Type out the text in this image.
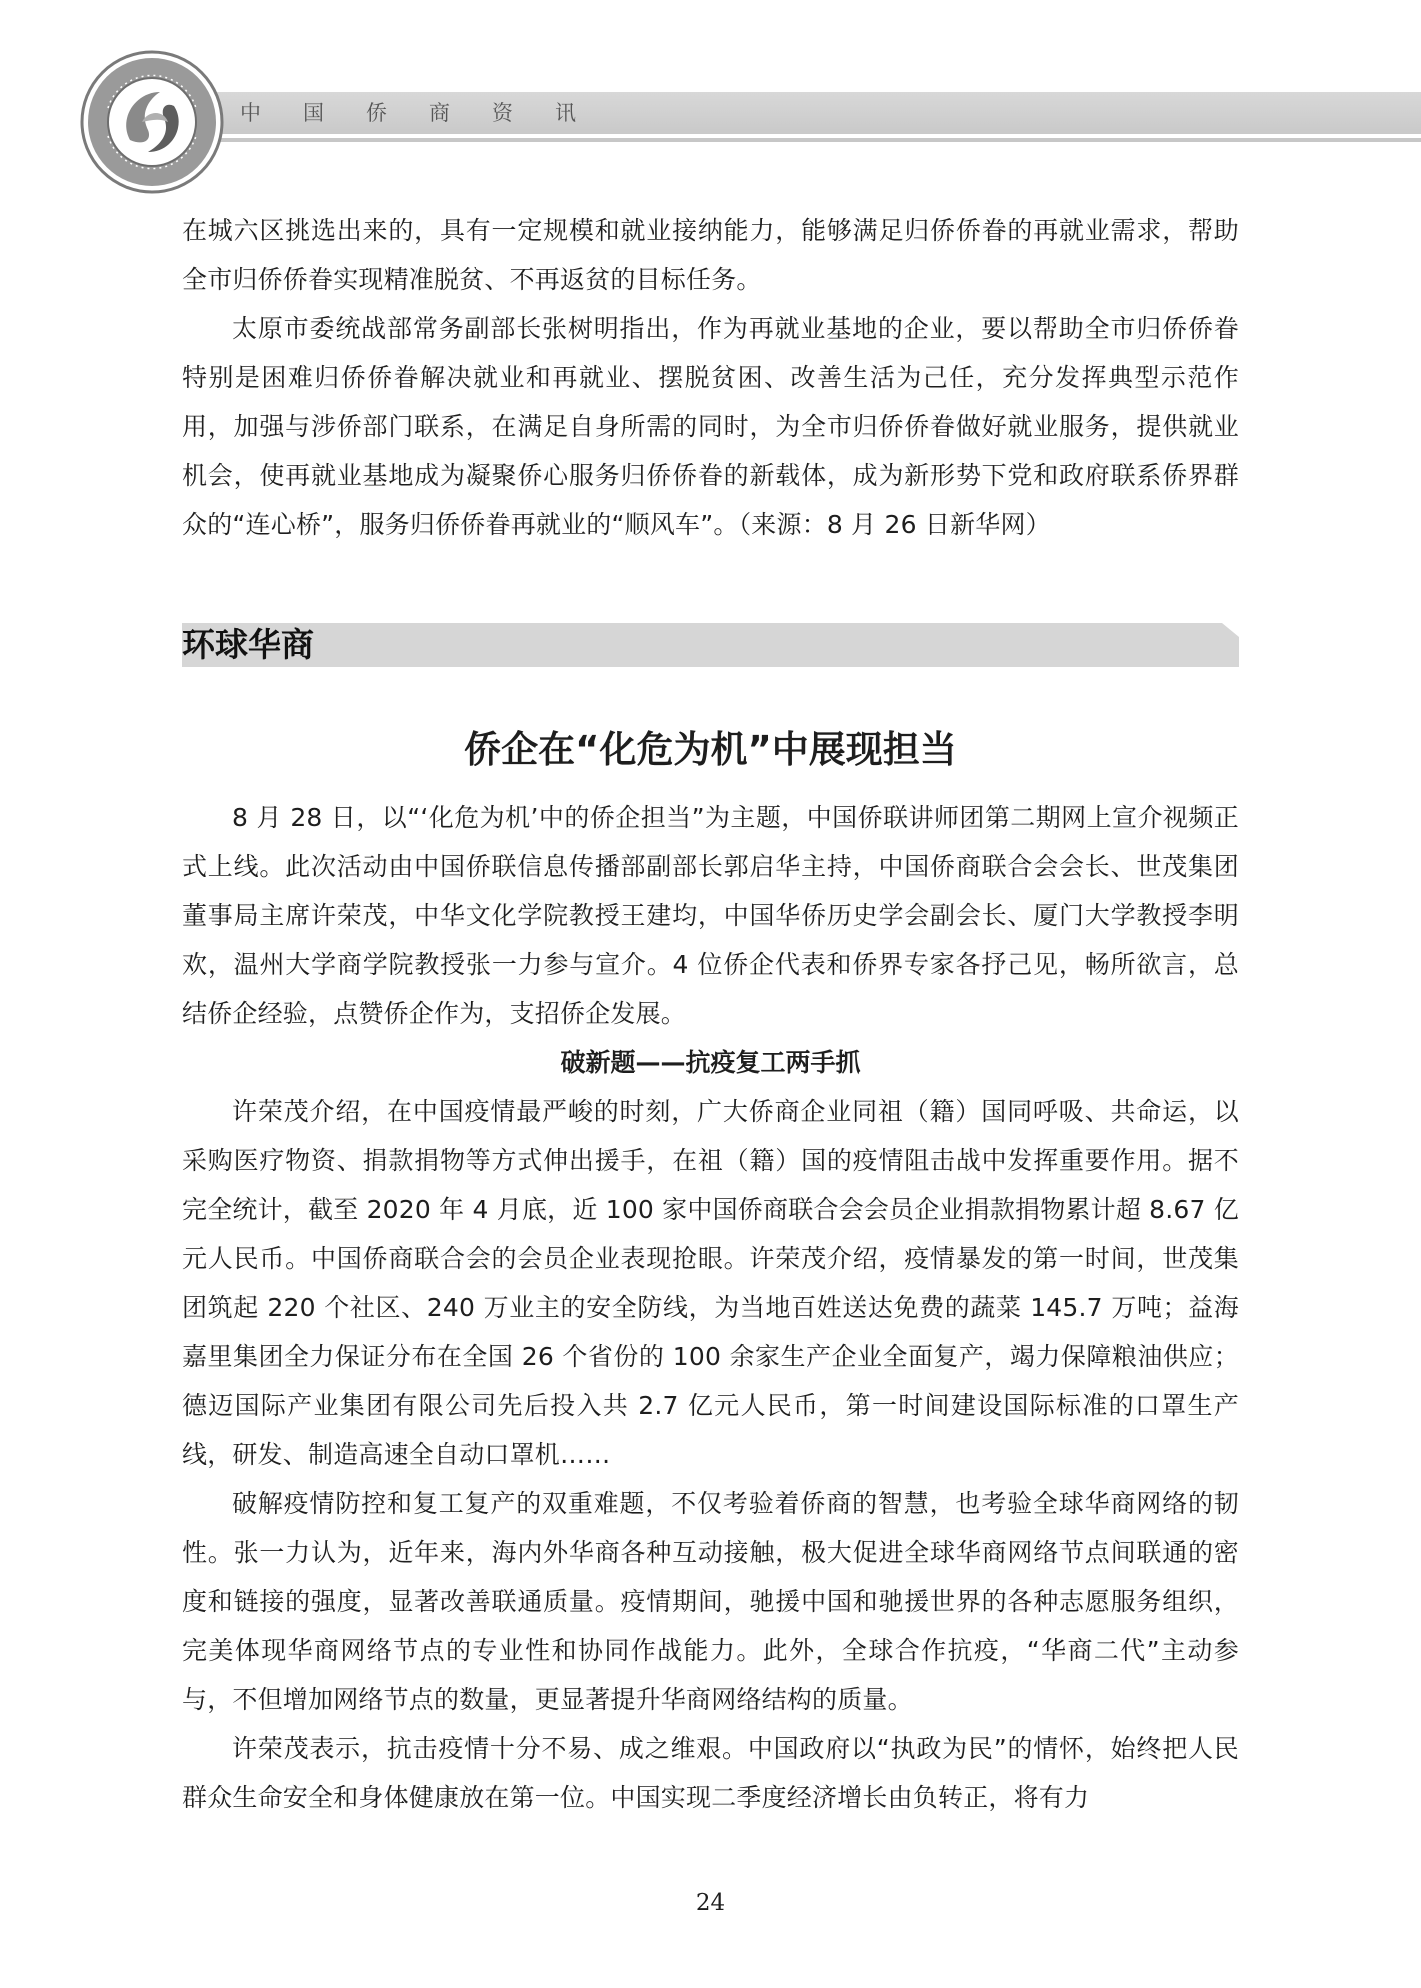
中国侨商资讯

在城六区挑选出来的，具有一定规模和就业接纳能力，能够满足归侨侨眷的再就业需求，帮助全市归侨侨眷实现精准脱贫、不再返贫的目标任务。

太原市委统战部常务副部长张树明指出，作为再就业基地的企业，要以帮助全市归侨侨眷特别是困难归侨侨眷解决就业和再就业、摆脱贫困、改善生活为己任，充分发挥典型示范作用，加强与涉侨部门联系，在满足自身所需的同时，为全市归侨侨眷做好就业服务，提供就业机会，使再就业基地成为凝聚侨心服务归侨侨眷的新载体，成为新形势下党和政府联系侨界群众的“连心桥”，服务归侨侨眷再就业的“顺风车”。（来源：8 月 26 日新华网）

环球华商
侨企在“化危为机”中展现担当

8 月 28 日，以“‘化危为机’中的侨企担当”为主题，中国侨联讲师团第二期网上宣介视频正式上线。此次活动由中国侨联信息传播部副部长郭启华主持，中国侨商联合会会长、世茂集团董事局主席许荣茂，中华文化学院教授王建均，中国华侨历史学会副会长、厦门大学教授李明欢，温州大学商学院教授张一力参与宣介。4 位侨企代表和侨界专家各抒己见，畅所欲言，总结侨企经验，点赞侨企作为，支招侨企发展。

破新题——抗疫复工两手抓

许荣茂介绍，在中国疫情最严峻的时刻，广大侨商企业同祖（籍）国同呼吸、共命运，以采购医疗物资、捐款捐物等方式伸出援手，在祖（籍）国的疫情阻击战中发挥重要作用。据不完全统计，截至 2020 年 4 月底，近 100 家中国侨商联合会会员企业捐款捐物累计超 8.67 亿元人民币。中国侨商联合会的会员企业表现抢眼。许荣茂介绍，疫情暴发的第一时间，世茂集团筑起 220 个社区、240 万业主的安全防线，为当地百姓送达免费的蔬菜 145.7 万吨；益海嘉里集团全力保证分布在全国 26 个省份的 100 余家生产企业全面复产，竭力保障粮油供应；德迈国际产业集团有限公司先后投入共 2.7 亿元人民币，第一时间建设国际标准的口罩生产线，研发、制造高速全自动口罩机……

破解疫情防控和复工复产的双重难题，不仅考验着侨商的智慧，也考验全球华商网络的韧性。张一力认为，近年来，海内外华商各种互动接触，极大促进全球华商网络节点间联通的密度和链接的强度，显著改善联通质量。疫情期间，驰援中国和驰援世界的各种志愿服务组织，完美体现华商网络节点的专业性和协同作战能力。此外，全球合作抗疫，“华商二代”主动参与，不但增加网络节点的数量，更显著提升华商网络结构的质量。

许荣茂表示，抗击疫情十分不易、成之维艰。中国政府以“执政为民”的情怀，始终把人民群众生命安全和身体健康放在第一位。中国实现二季度经济增长由负转正，将有力

24
